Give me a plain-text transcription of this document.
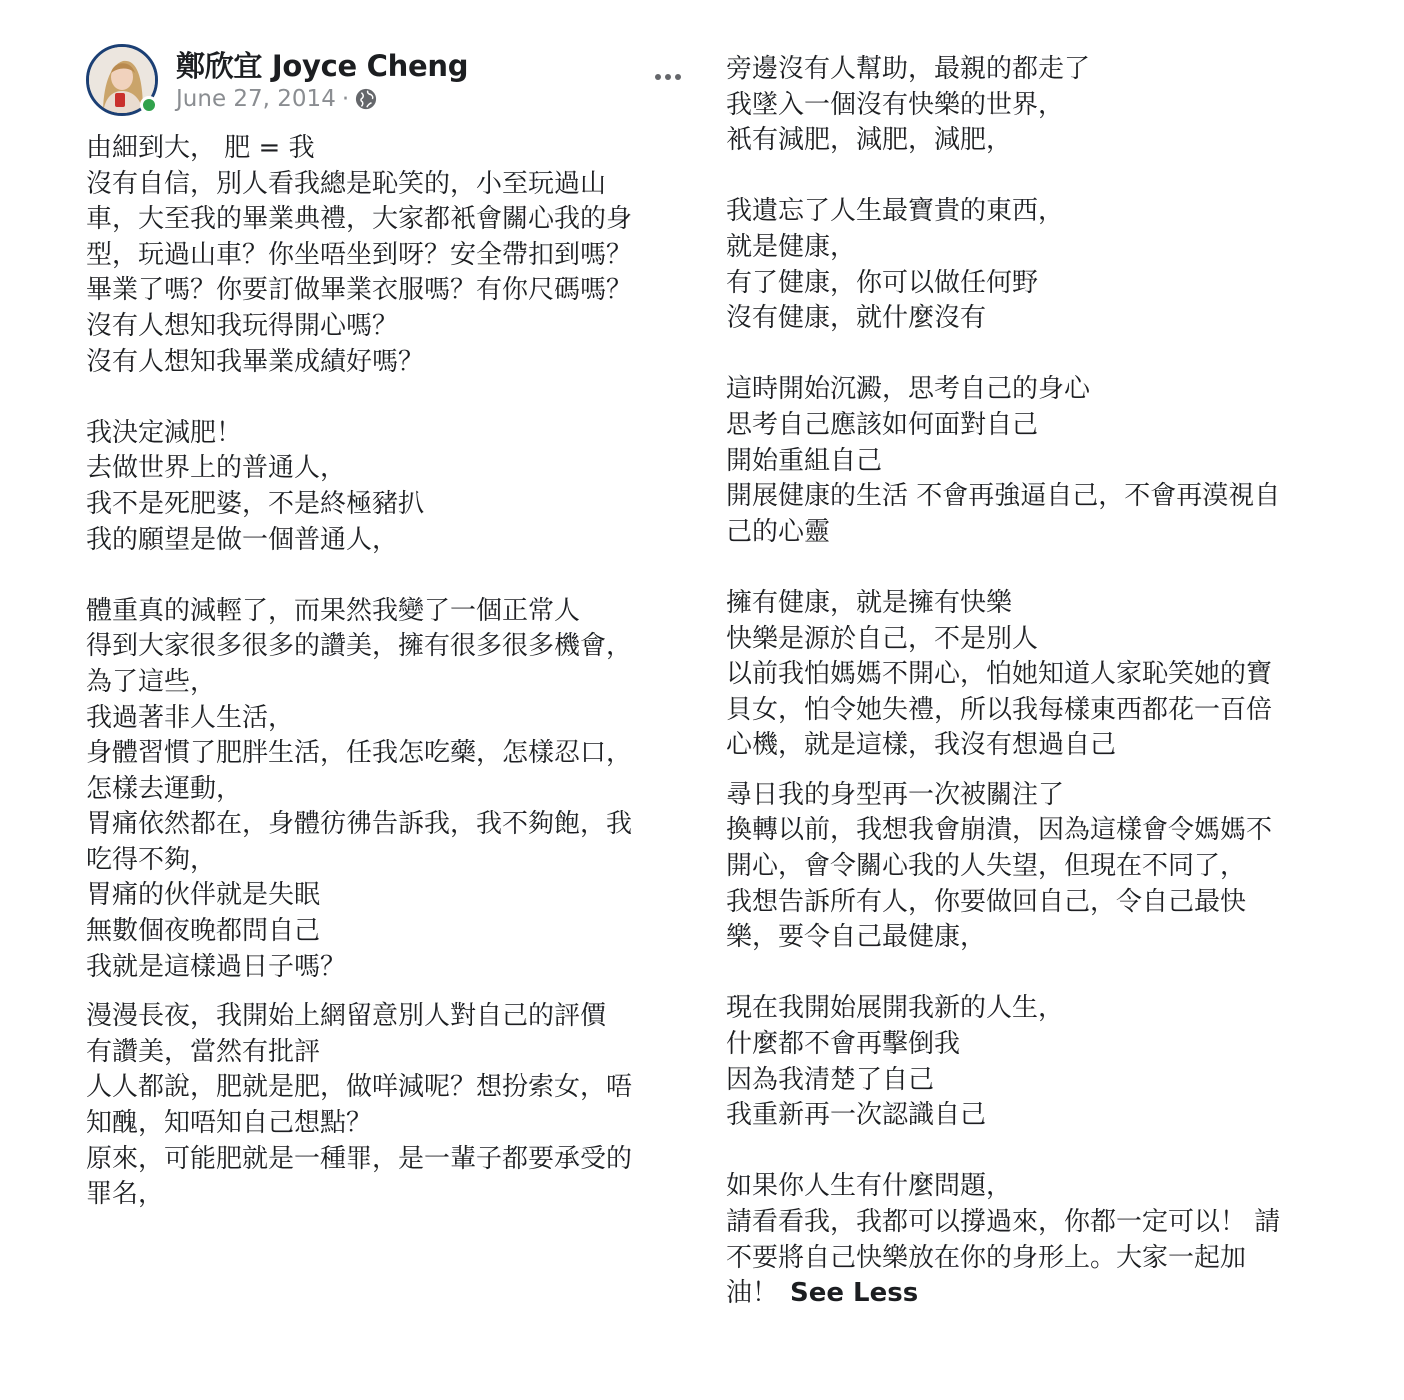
鄭欣宜 Joyce Cheng
June 27, 2014 ·

由細到大， 肥 = 我
沒有自信，別人看我總是恥笑的，小至玩過山
車，大至我的畢業典禮，大家都衹會關心我的身
型，玩過山車？你坐唔坐到呀？安全帶扣到嗎？
畢業了嗎？你要訂做畢業衣服嗎？有你尺碼嗎？
沒有人想知我玩得開心嗎？
沒有人想知我畢業成績好嗎？

我決定減肥！
去做世界上的普通人，
我不是死肥婆，不是終極豬扒
我的願望是做一個普通人，

體重真的減輕了，而果然我變了一個正常人
得到大家很多很多的讚美，擁有很多很多機會，
為了這些，
我過著非人生活，
身體習慣了肥胖生活，任我怎吃藥，怎樣忍口，
怎樣去運動，
胃痛依然都在，身體彷彿告訴我，我不夠飽，我
吃得不夠，
胃痛的伙伴就是失眠
無數個夜晚都問自己
我就是這樣過日子嗎？

漫漫長夜，我開始上網留意別人對自己的評價
有讚美，當然有批評
人人都說，肥就是肥，做咩減呢？想扮索女，唔
知醜，知唔知自己想點？
原來，可能肥就是一種罪，是一輩子都要承受的
罪名，

旁邊沒有人幫助，最親的都走了
我墜入一個沒有快樂的世界，
衹有減肥，減肥，減肥，

我遺忘了人生最寶貴的東西，
就是健康，
有了健康，你可以做任何野
沒有健康，就什麼沒有

這時開始沉澱，思考自己的身心
思考自己應該如何面對自己
開始重組自己
開展健康的生活 不會再強逼自己，不會再漠視自
己的心靈

擁有健康，就是擁有快樂
快樂是源於自己，不是別人
以前我怕媽媽不開心，怕她知道人家恥笑她的寶
貝女，怕令她失禮，所以我每樣東西都花一百倍
心機，就是這樣，我沒有想過自己

尋日我的身型再一次被關注了
換轉以前，我想我會崩潰，因為這樣會令媽媽不
開心，會令關心我的人失望，但現在不同了，
我想告訴所有人，你要做回自己，令自己最快
樂，要令自己最健康，

現在我開始展開我新的人生，
什麼都不會再擊倒我
因為我清楚了自己
我重新再一次認識自己

如果你人生有什麼問題，
請看看我，我都可以撐過來，你都一定可以！ 請
不要將自己快樂放在你的身形上。大家一起加
油！ See Less
